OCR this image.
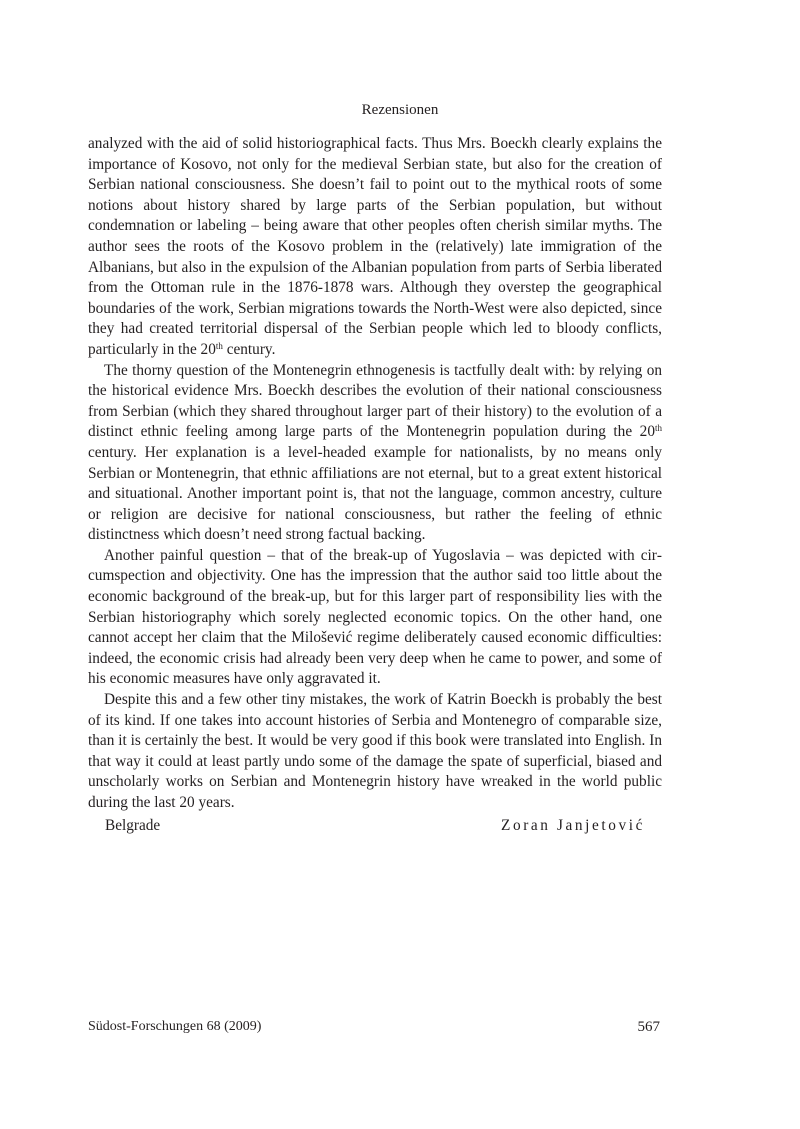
Rezensionen

analyzed with the aid of solid historiographical facts. Thus Mrs. Boeckh clearly explains the importance of Kosovo, not only for the medieval Serbian state, but also for the creation of Serbian national consciousness. She doesn’t fail to point out to the mythical roots of some notions about history shared by large parts of the Serbian population, but without condemnation or labeling – being aware that other peoples often cherish similar myths. The author sees the roots of the Kosovo problem in the (relatively) late immigration of the Albanians, but also in the expulsion of the Albanian population from parts of Serbia liberated from the Ottoman rule in the 1876-1878 wars. Although they overstep the geographical boundaries of the work, Serbian migrations towards the North-West were also depicted, since they had created territorial dispersal of the Serbian people which led to bloody conflicts, particularly in the 20th century.

The thorny question of the Montenegrin ethnogenesis is tactfully dealt with: by relying on the historical evidence Mrs. Boeckh describes the evolution of their national consciousness from Serbian (which they shared throughout larger part of their history) to the evolution of a distinct ethnic feeling among large parts of the Montenegrin population during the 20th century. Her explanation is a level-headed example for nationalists, by no means only Serbian or Montenegrin, that ethnic affiliations are not eternal, but to a great extent historical and situational. Another important point is, that not the language, common ancestry, culture or religion are decisive for national consciousness, but rather the feeling of ethnic distinctness which doesn’t need strong factual backing.

Another painful question – that of the break-up of Yugoslavia – was depicted with circumspection and objectivity. One has the impression that the author said too little about the economic background of the break-up, but for this larger part of responsibility lies with the Serbian historiography which sorely neglected economic topics. On the other hand, one cannot accept her claim that the Milošević regime deliberately caused economic difficulties: indeed, the economic crisis had already been very deep when he came to power, and some of his economic measures have only aggravated it.

Despite this and a few other tiny mistakes, the work of Katrin Boeckh is probably the best of its kind. If one takes into account histories of Serbia and Montenegro of comparable size, than it is certainly the best. It would be very good if this book were translated into English. In that way it could at least partly undo some of the damage the spate of superficial, biased and unscholarly works on Serbian and Montenegrin history have wreaked in the world public during the last 20 years.

Belgrade	Zoran Janjetović
Südost-Forschungen 68 (2009)	567
